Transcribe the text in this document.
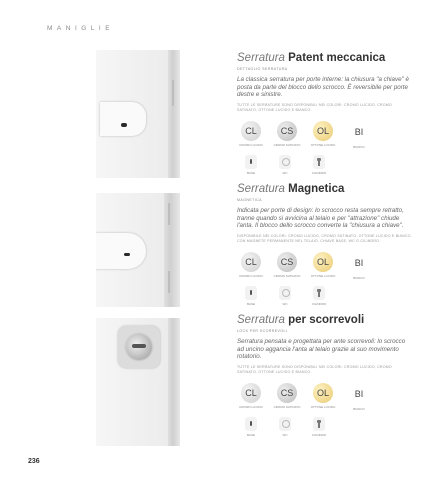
MANIGLIE
Serratura Patent meccanica
DETTAGLIO SERRATURA
La classica serratura per porte interne: la chiusura "a chiave" è posta da parte del blocco dello scrocco. È reversibile per porte destre e sinistre.
TUTTE LE SERRATURE SONO DISPONIBILI NEI COLORI: CROMO LUCIDO, CROMO SATINATO, OTTONE LUCIDO E BIANCO.
CL
CROMO LUCIDO
CS
CROMO SATINATO
OL
OTTONE LUCIDO
BI
BIANCO
BASE	WC	CILINDRO
Serratura Magnetica
MAGNETICA
Indicata per porte di design: lo scrocco resta sempre retratto, tranne quando si avvicina al telaio e per "attrazione" chiude l'anta. Il blocco dello scrocco converte la "chiusura a chiave".
DISPONIBILE NEI COLORI: CROMO LUCIDO, CROMO SATINATO, OTTONE LUCIDO E BIANCO. CON MAGNETE PERMANENTE NEL TELAIO. CHIAVE BASE, WC O CILINDRO.
CL
CROMO LUCIDO
CS
CROMO SATINATO
OL
OTTONE LUCIDO
BI
BIANCO
BASE	WC	CILINDRO
Serratura per scorrevoli
LOCK PER SCORREVOLI
Serratura pensata e progettata per ante scorrevoli: lo scrocco ad uncino aggancia l'anta al telaio grazie al suo movimento rotatorio.
TUTTE LE SERRATURE SONO DISPONIBILI NEI COLORI: CROMO LUCIDO, CROMO SATINATO, OTTONE LUCIDO E BIANCO.
CL
CROMO LUCIDO
CS
CROMO SATINATO
OL
OTTONE LUCIDO
BI
BIANCO
BASE	WC	CILINDRO
236
